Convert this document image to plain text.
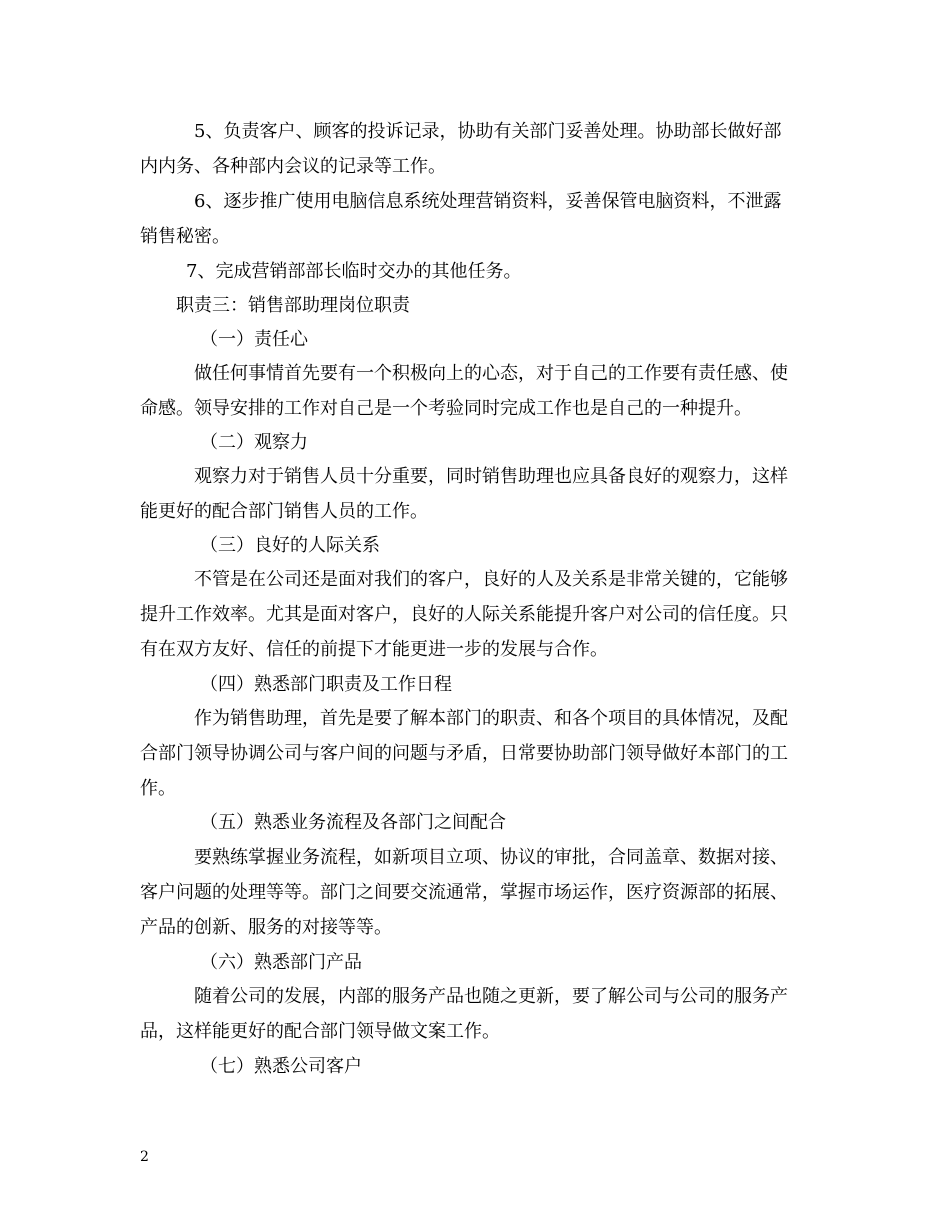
5、负责客户、顾客的投诉记录，协助有关部门妥善处理。协助部长做好部
内内务、各种部内会议的记录等工作。
6、逐步推广使用电脑信息系统处理营销资料，妥善保管电脑资料，不泄露
销售秘密。
7、完成营销部部长临时交办的其他任务。
职责三：销售部助理岗位职责
（一）责任心
做任何事情首先要有一个积极向上的心态，对于自己的工作要有责任感、使
命感。领导安排的工作对自己是一个考验同时完成工作也是自己的一种提升。
（二）观察力
观察力对于销售人员十分重要，同时销售助理也应具备良好的观察力，这样
能更好的配合部门销售人员的工作。
（三）良好的人际关系
不管是在公司还是面对我们的客户，良好的人及关系是非常关键的，它能够
提升工作效率。尤其是面对客户，良好的人际关系能提升客户对公司的信任度。只
有在双方友好、信任的前提下才能更进一步的发展与合作。
（四）熟悉部门职责及工作日程
作为销售助理，首先是要了解本部门的职责、和各个项目的具体情况，及配
合部门领导协调公司与客户间的问题与矛盾，日常要协助部门领导做好本部门的工
作。
（五）熟悉业务流程及各部门之间配合
要熟练掌握业务流程，如新项目立项、协议的审批，合同盖章、数据对接、
客户问题的处理等等。部门之间要交流通常，掌握市场运作，医疗资源部的拓展、
产品的创新、服务的对接等等。
（六）熟悉部门产品
随着公司的发展，内部的服务产品也随之更新，要了解公司与公司的服务产
品，这样能更好的配合部门领导做文案工作。
（七）熟悉公司客户
2
